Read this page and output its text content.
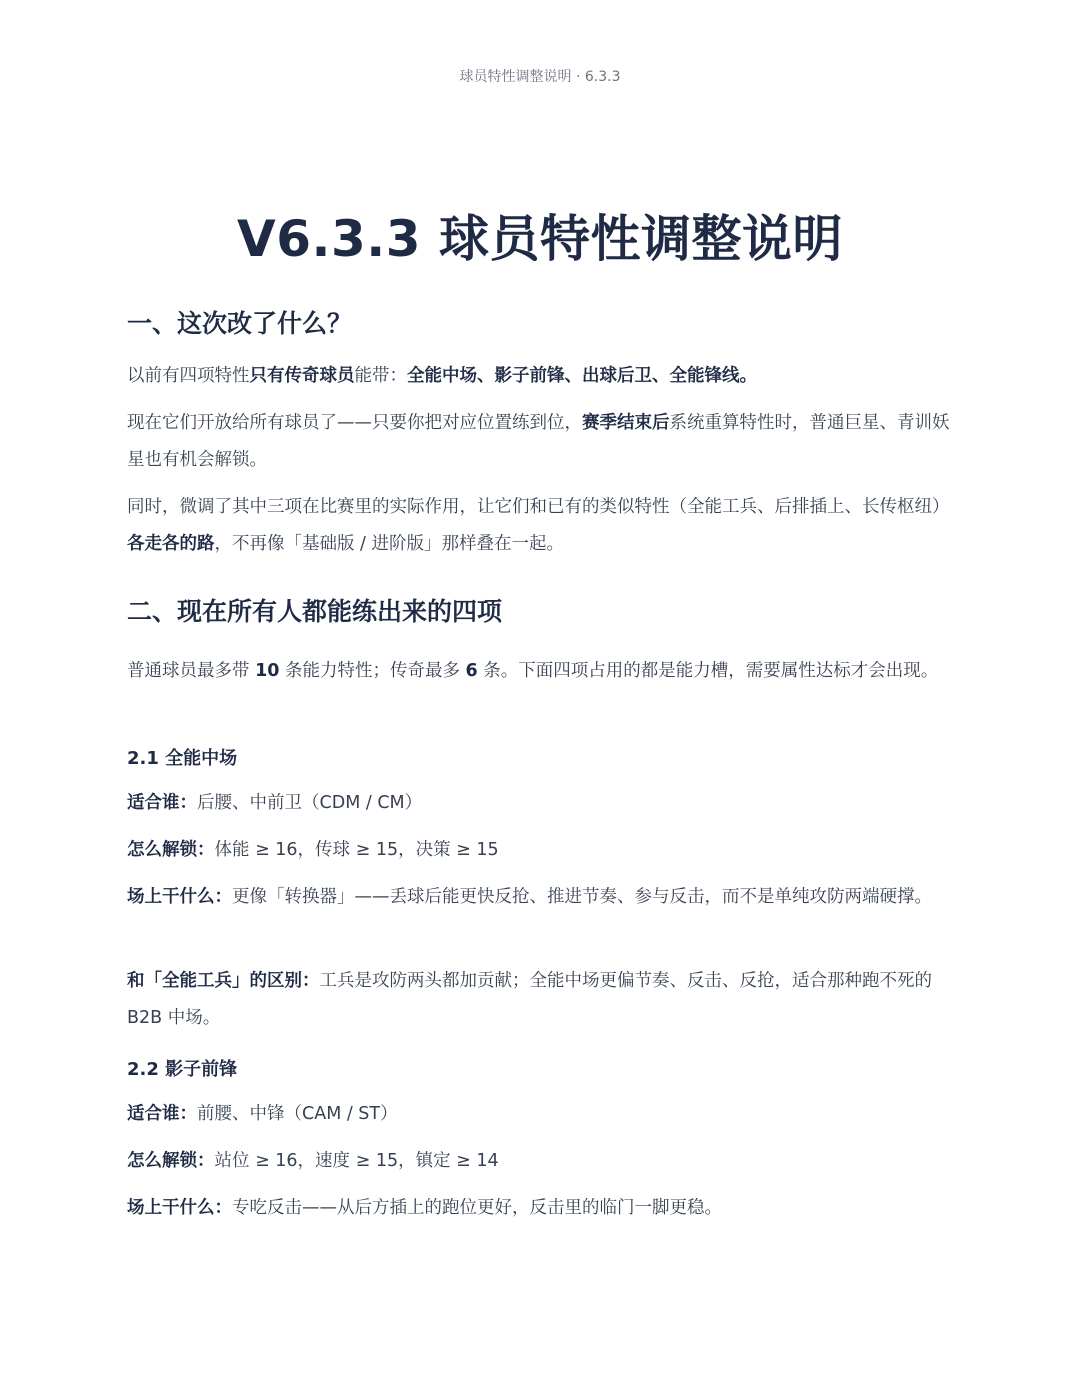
球员特性调整说明 · 6.3.3
V6.3.3 球员特性调整说明
一、这次改了什么？

以前有四项特性只有传奇球员能带：全能中场、影子前锋、出球后卫、全能锋线。

现在它们开放给所有球员了——只要你把对应位置练到位，赛季结束后系统重算特性时，普通巨星、青训妖星也有机会解锁。

同时，微调了其中三项在比赛里的实际作用，让它们和已有的类似特性（全能工兵、后排插上、长传枢纽）各走各的路，不再像「基础版 / 进阶版」那样叠在一起。

二、现在所有人都能练出来的四项

普通球员最多带 10 条能力特性；传奇最多 6 条。下面四项占用的都是能力槽，需要属性达标才会出现。

2.1 全能中场

适合谁：后腰、中前卫（CDM / CM）

怎么解锁：体能 ≥ 16，传球 ≥ 15，决策 ≥ 15

场上干什么：更像「转换器」——丢球后能更快反抢、推进节奏、参与反击，而不是单纯攻防两端硬撑。

和「全能工兵」的区别：工兵是攻防两头都加贡献；全能中场更偏节奏、反击、反抢，适合那种跑不死的 B2B 中场。

2.2 影子前锋

适合谁：前腰、中锋（CAM / ST）

怎么解锁：站位 ≥ 16，速度 ≥ 15，镇定 ≥ 14

场上干什么：专吃反击——从后方插上的跑位更好，反击里的临门一脚更稳。
